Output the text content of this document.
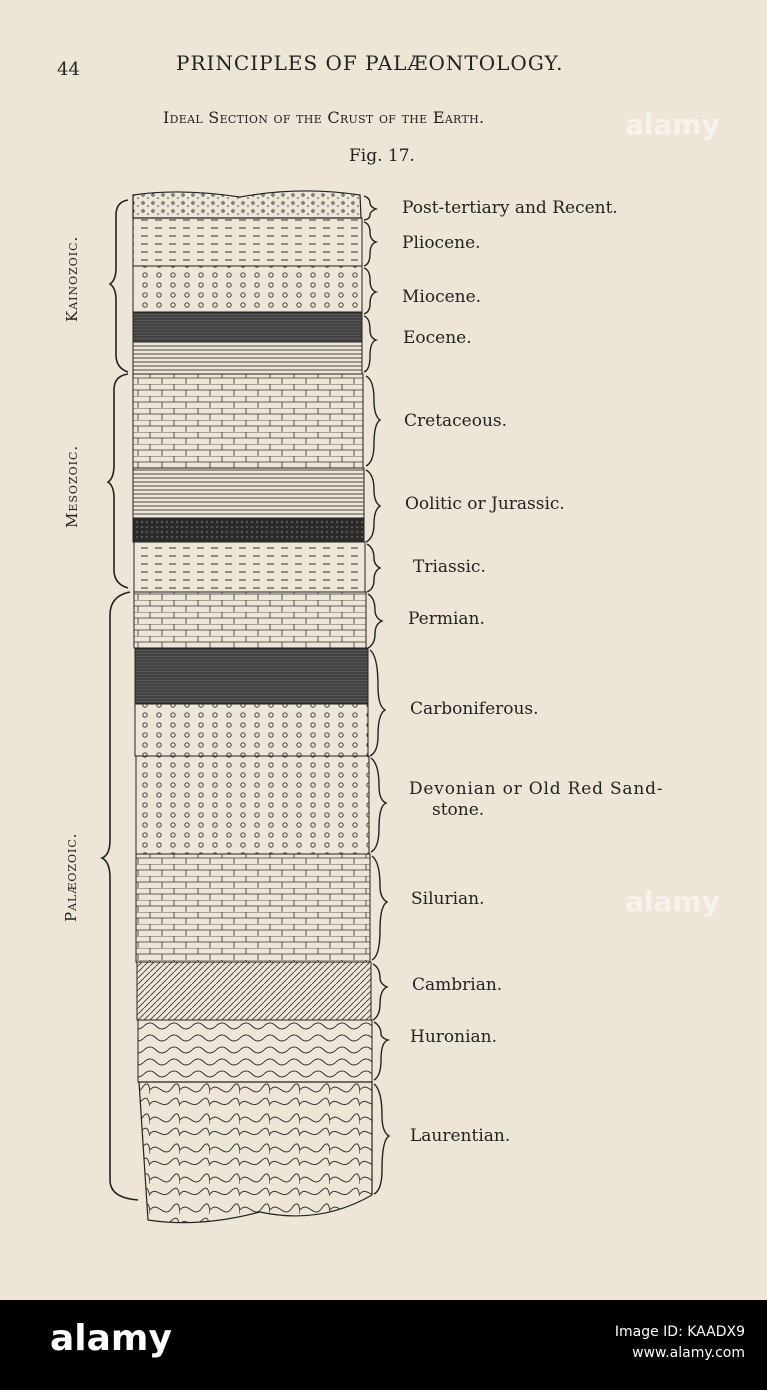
44	PRINCIPLES OF PALÆONTOLOGY.
Ideal Section of the Crust of the Earth.
Fig. 17.
Kainozoic.
Mesozoic.
Palæozoic.
Post-tertiary and Recent.
Pliocene.
Miocene.
Eocene.
Cretaceous.
Oolitic or Jurassic.
Triassic.
Permian.
Carboniferous.
Devonian or Old Red Sand-
stone.
Silurian.
Cambrian.
Huronian.
Laurentian.
alamy
alamy
alamy	Image ID: KAADX9
www.alamy.com
